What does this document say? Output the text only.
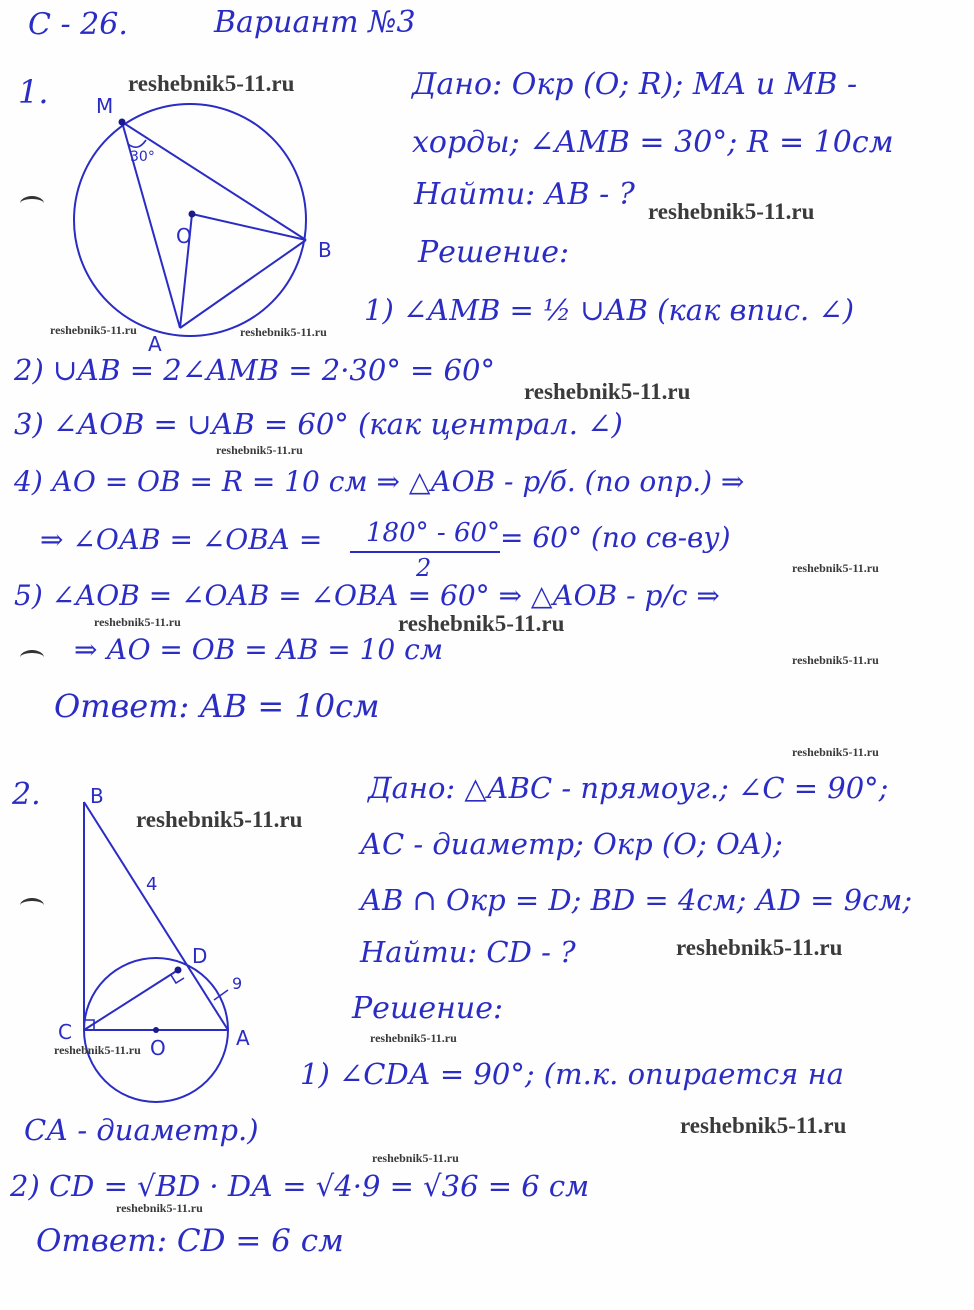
С - 26.	Вариант №3
1. M
O
B
A
30°
Дано: Окр (О; R); МА и МВ -
хорды; ∠АМВ = 30°; R = 10см
Найти: АВ - ?
Решение:
1) ∠АМВ = ½ ∪АВ (как впис. ∠)
2) ∪АВ = 2∠АМВ = 2·30° = 60°
3) ∠АОВ = ∪АВ = 60° (как централ. ∠)
4) АО = ОВ = R = 10 см ⇒ △АОВ - р/б. (по опр.) ⇒
⇒ ∠ОАВ = ∠ОВА = 180° - 60°
2
= 60° (по св-ву)
5) ∠АОВ = ∠ОАВ = ∠ОВА = 60° ⇒ △АОВ - р/с ⇒
⇒ АО = ОВ = АВ = 10 см
Ответ: АВ = 10см
2. B
D
C
O	A
4
9
Дано: △АВС - прямоуг.; ∠С = 90°;
АС - диаметр; Окр (О; ОА);
АВ ∩ Окр = D; ВD = 4см; АD = 9см;
Найти: СD - ?
Решение:
1) ∠СDА = 90°; (т.к. опирается на
СА - диаметр.)
2) СD = √ВD · DА = √4·9 = √36 = 6 см
Ответ: СD = 6 см
reshebnik5-11.ru
reshebnik5-11.ru
reshebnik5-11.ru	reshebnik5-11.ru
reshebnik5-11.ru
reshebnik5-11.ru
reshebnik5-11.ru
reshebnik5-11.ru	reshebnik5-11.ru
reshebnik5-11.ru
reshebnik5-11.ru
reshebnik5-11.ru
reshebnik5-11.ru
reshebnik5-11.ru
reshebnik5-11.ru
reshebnik5-11.ru
reshebnik5-11.ru
reshebnik5-11.ru
